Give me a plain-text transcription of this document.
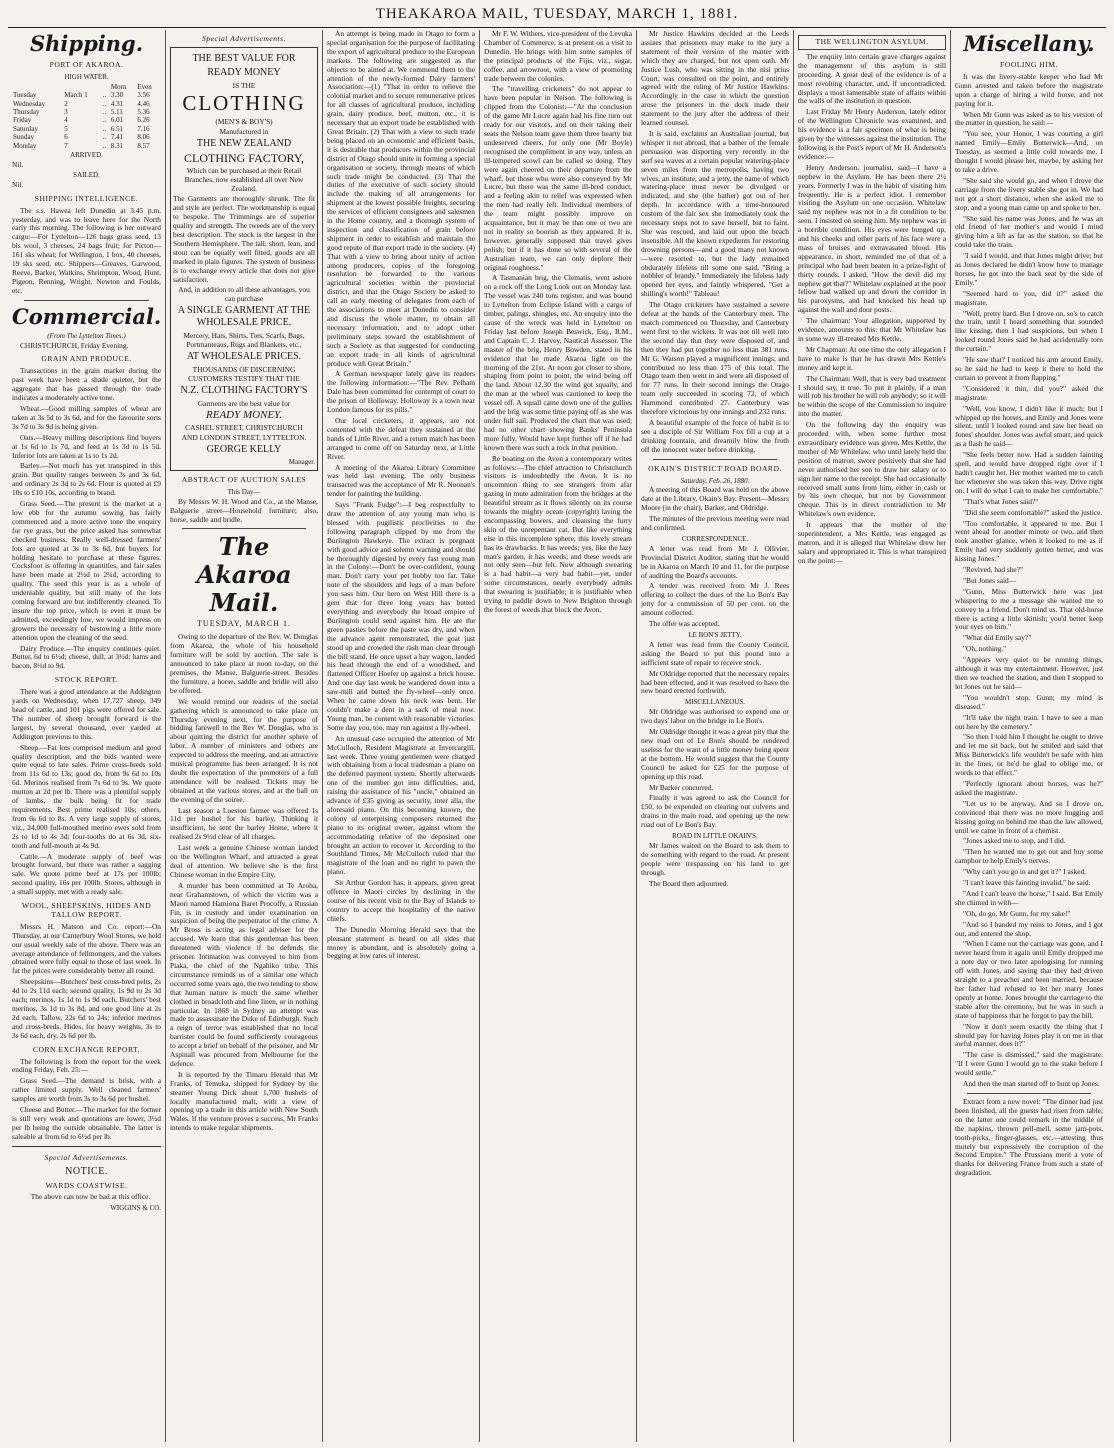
THEAKAROA MAIL, TUESDAY, MARCH 1, 1881.
Shipping.
PORT OF AKAROA.
HIGH WATER.
			Morn	Even
Tuesday	March 1	..	3.30	3.56
Wednesday	2	..	4.31	4.46
Thursday	3	..	5.11	5.36
Friday	4	..	6.01	6.26
Saturday	5	..	6.51	7.16
Sunday	6	..	7.41	8.06
Monday	7	..	8.31	8.57
ARRIVED.
Nil.
SAILED.
Nil.
SHIPPING INTELLIGENCE.

The s.s. Hawea left Dunedin at 3.45 p.m. yesterday, and was to leave here for the North early this morning. The following is her outward cargo:—For Lyttelton—126 bags grass seed, 13 bls wool, 3 cheeses, 24 bags fruit; for Picton—161 sks wheat; for Wellington, 1 box, 40 cheeses, 19 sks seed, etc. Shippers—Greaves, Garwood, Reeve, Barker, Watkins, Shrimpton, Wood, Hunt, Pigeon, Renning, Wright, Newton and Foulds, etc.

Commercial.
(From The Lyttelton Times.)

CHRISTCHURCH, Friday Evening.

GRAIN AND PRODUCE.

Transactions in the grain market during the past week have been a shade quieter, but the aggregate that has passed through the trade indicates a moderately active tone.

Wheat.—Good milling samples of wheat are taken at 3s 5d to 3s 6d, and for the favourite sorts 3s 7d to 3s 9d is being given.

Oats.—Heavy milling descriptions find buyers at 1s 6d to 1s 7d, and feed at 1s 3d to 1s 5d. Inferior lots are taken at 1s to 1s 2d.

Barley.—Not much has yet transpired in this grain. But quality ranges between 3s and 3s 6d, and ordinary 2s 3d to 2s 6d. Flour is quoted at £9 10s to £10 10s, according to brand.

Grass Seed.—The present is the market at a low ebb for the autumn sowing has fairly commenced and a more active tone the enquiry for rye grass, but the price asked has somewhat checked business. Really well-dressed farmers' lots are quoted at 3s to 3s 6d, but buyers for holding hesitate to purchase at these figures. Cocksfoot is offering in quantities, and fair sales have been made at 2½d to 2¾d, according to quality. The seed this year is as a whole of undeniable quality, but still many of the lots coming forward are but indifferently cleaned. To insure the top price, which is even it must be admitted, exceedingly low, we would impress on growers the necessity of bestowing a little more attention upon the cleaning of the seed.

Dairy Produce.—The enquiry continues quiet. Butter, 6d to 6½d; cheese, dull, at 3½d; hams and bacon, 8½d to 9d.

STOCK REPORT.

There was a good attendance at the Addington yards on Wednesday, when 17,727 sheep, 349 head of cattle, and 101 pigs were offered for sale. The number of sheep brought forward is the largest, by several thousand, ever yarded at Addington previous to this.

Sheep.—Fat lots comprised medium and good quality description, and the bids wanted were quite equal to late sales. Prime cross-breds sold from 11s 6d to 13s; good do, from 9s 6d to 10s 6d. Merinos realised from 7s 6d to 9s. We quote mutton at 2d per lb. There was a plentiful supply of lambs, the bulk being fit for trade requirements. Best prime realised 10s; others, from 6s 6d to 8s. A very large supply of stores, viz., 24,000 full-mouthed merino ewes sold from 2s to 1d to 4s 3d; four-tooths do at 6s 3d, six-tooth and full-mouth at 4s 9d.

Cattle.—A moderate supply of beef was brought forward, but there was rather a sagging sale. We quote prime beef at 17s per 100lb; second quality, 16s per 100lb. Stores, although in a small supply, met with a ready sale.

WOOL, SHEEPSKINS, HIDES AND TALLOW REPORT.

Messrs H. Matson and Co. report:—On Thursday, at our Canterbury Wool Stores, we held our usual weekly sale of the above. There was an average attendance of fellmongers, and the values obtained were fully equal to those of last week. In fat the prices were considerably better all round.

Sheepskins—Butchers' best cross-bred pelts, 2s 4d to 2s 11d each; second quality, 1s 9d to 2s 3d each; merinos, 1s 1d to 1s 9d each. Butchers' best merinos, 3s 1d to 3s 8d, and one good line at 2s 2d each. Tallow, 22s 6d to 24s; inferior merinos and cross-breds. Hides, for heavy weights, 3s to 3s 6d each, dry, 2s 6d per lb.

CORN EXCHANGE REPORT.

The following is from the report for the week ending Friday, Feb. 25:—

Grass Seed.—The demand is brisk, with a rather limited supply. Well cleaned farmers' samples are worth from 3s to 3s 6d per bushel.

Cheese and Butter.—The market for the former is still very weak and quotations are lower, 3½d per lb being the outside obtainable. The latter is saleable at from 6d to 6½d per lb.

Special Advertisements.
NOTICE.
WARDS COASTWISE.

The above can now be had at this office.

WIGGINS & CO.
Special Advertisements.
THE BEST VALUE FOR
READY MONEY
IS THE
CLOTHING
(MEN'S & BOY'S)
Manufactured in
THE NEW ZEALAND
CLOTHING FACTORY,
Which can be purchased at their Retail Branches, now established all over New Zealand.
The Garments are thoroughly shrunk. The fit and style are perfect. The workmanship is equal to bespoke. The Trimmings are of superior quality and strength. The tweeds are of the very best description. The stock is the largest in the Southern Hemisphere. The tall, short, lean, and stout can be equally well fitted, goods are all marked in plain figures. The system of business is to exchange every article that does not give satisfaction.
And, in addition to all these advantages, you can purchase
A SINGLE GARMENT AT THE WHOLESALE PRICE.
Mercery, Hats, Shirts, Ties, Scarfs, Bags, Portmanteaus, Rugs and Blankets, etc.,
AT WHOLESALE PRICES.
THOUSANDS OF DISCERNING CUSTOMERS TESTIFY THAT THE
N.Z. CLOTHING FACTORY'S
Garments are the best value for
READY MONEY.
CASHEL STREET, CHRISTCHURCH
AND LONDON STREET, LYTTELTON.
GEORGE KELLY
Manager.
ABSTRACT OF AUCTION SALES
This Day—

By Messrs W. H. Wood and Co., at the Manse, Balguerie street—Household furniture; also, horse, saddle and bridle.

The Akaroa Mail.
TUESDAY, MARCH 1.

Owing to the departure of the Rev. W. Douglas from Akaroa, the whole of his household furniture will be sold by auction. The sale is announced to take place at noon to-day, on the premises, the Manse, Balguerie-street. Besides the furniture, a horse, saddle and bridle will also be offered.

We would remind our readers of the social gathering which is announced to take place on Thursday evening next, for the purpose of bidding farewell to the Rev W. Douglas, who is about quitting the district for another sphere of labor. A number of ministers and others are expected to address the meeting, and an attractive musical programme has been arranged. It is not doubt the expectation of the promoters of a full attendance will be realised. Tickets may be obtained at the various stores, and at the hall on the evening of the soiree.

Last season a Loeston farmer was offered 1s 11d per bushel for his barley. Thinking it insufficient, he sent the barley Home, where it realised 2s 9½d clear of all charges.

Last week a genuine Chinese woman landed on the Wellington Wharf, and attracted a great deal of attention. We believe she is the first Chinese woman in the Empire City.

A murder has been committed at Te Aroha, near Grahamstown, of which the victim was a Maori named Hamiona Baret Procoffy, a Russian Fin, is in custody and under examination on suspicion of being the perpetrator of the crime. A Mr Bross is acting as legal adviser for the accused. We learn that this gentleman has been threatened with violence if he defends the prisoner. Intimation was conveyed to him from Piaka, the chief of the Ngahiko tribe. This circumstance reminds us of a similar one which occurred some years ago, the two tending to show that human nature is much the same whether clothed in broadcloth and fine linen, or in nothing particular. In 1868 in Sydney an attempt was made to assassinate the Duke of Edinburgh. Such a reign of terror was established that no local barrister could be found sufficiently courageous to accept a brief on behalf of the prisoner, and Mr Aspinall was procured from Melbourne for the defence.

It is reported by the Timaru Herald that Mr Franks, of Temuka, shipped for Sydney by the steamer Young Dick about 1,700 bushels of locally manufactured malt, with a view of opening up a trade in this article with New South Wales. If the venture proves a success, Mr Franks intends to make regular shipments.

An attempt is being made in Otago to form a special organisation for the purpose of facilitating the export of agricultural produce to the European markets. The following are suggested as the objects to be aimed at. We commend them to the attention of the newly-formed Dairy farmers' Association:—(1) "That in order to relieve the colonial market and to secure remunerative prices for all classes of agricultural produce, including grain, dairy produce, beef, mutton, etc., it is necessary that an export trade be established with Great Britain. (2) That with a view to such trade being placed on an economic and efficient basis, it is desirable that producers within the provincial district of Otago should unite in forming a special organisation or society, through means of which such trade might be conducted. (3) That the duties of the executive of such society should include the making of all arrangements for shipment at the lowest possible freights, securing the services of efficient consignees and salesmen in the Home country, and a thorough system of inspection and classification of grain before shipment in order to establish and maintain the good repute of that export trade in the society. (4) That with a view to bring about unity of action among producers, copies of the foregoing resolution be forwarded to the various agricultural societies within the provincial district, and that the Otago Society be asked to call an early meeting of delegates from each of the associations to meet at Dunedin to consider and discuss the whole matter, to obtain all necessary information, and to adopt other preliminary steps toward the establishment of such a Society as that suggested for conducting an export trade in all kinds of agricultural produce with Great Britain."

A German newspaper lately gave its readers the following information:—"The Rev. Pelham Dale has been committed for contempt of court to the prison of Holloway. Holloway is a town near London famous for its pills."

Our local cricketers, it appears, are not contented with the defeat they sustained at the hands of Little River, and a return match has been arranged to come off on Saturday next, at Little River.

A meeting of the Akaroa Library Committee was held last evening. The only business transacted was the acceptance of Mr R. Noonan's tender for painting the building.

Says "Frank Fudge":—I beg respectfully to draw the attention of any young man who is blessed with pugilistic proclivities to the following paragraph clipped by me from the Burlington Hawkeye. The extract is pregnant with good advice and solemn warning and should be thoroughly digested by every fast young man in the Colony:—Don't be over-confident, young man. Don't carry your pet hobby too far. Take note of the shoulders and legs of a man before you sass him. Our hero on West Hill there is a gent that for three long years has butted everything and everybody the broad empire of Burlington could send against him. He ate the green pasties before the paste was dry, and when the advance agent remonstrated, the goat just stood up and crowded the rash man clear through the bill stand. He once upset a hay wagon, landed his head through the end of a woodshed, and flattened Officer Hoefer up against a brick house. And one day last week he wandered down into a saw-mill and butted the fly-wheel—only once. When he came down his neck was bent. He couldn't make a dent in a sack of meal now. Young man, be content with reasonable victories. Some day you, too, may run against a fly-wheel.

An unusual case occupied the attention of Mr McCulloch, Resident Magistrate at Invercargill, last week. Three young gentlemen were charged with obtaining from a local tradesman a piano on the deferred payment system. Shortly afterwards one of the number got into difficulties, and, raising the assistance of his "uncle," obtained an advance of £35 giving as security, inter alia, the aforesaid piano. On this becoming known, the colony of enterprising composers returned the piano to its original owner, against whom the accommodating relative of the deposited one brought an action to recover it. According to the Southland Times, Mr McCulloch ruled that the magistrate of the loan and no right to pawn the piano.

Sir Arthur Gordon has, it appears, given great offence in Maori circles by declining in the course of his recent visit to the Bay of Islands to country to accept the hospitality of the native chiefs.

The Dunedin Morning Herald says that the pleasant statement is heard on all sides that money is abundant, and is absolutely going a begging at low rates of interest.

Mr F. W. Withers, vice-president of the Levuka Chamber of Commerce, is at present on a visit to Dunedin. He brings with him some samples of the principal products of the Fijis, viz., sugar, coffee, and arrowroot, with a view of promoting trade between the colonies.

The "travelling cricketers" do not appear to have been popular in Nelson. The following is clipped from the Colonist:—"At the conclusion of the game Mr Lucre again had his fine turn out ready for our visitors, and on their taking their seats the Nelson team gave them three hearty but undeserved cheers, for only one (Mr Boyle) recognised the compliment in any way, unless an ill-tempered scowl can be called so doing. They were again cheered on their departure from the wharf, but those who were also conveyed by Mr Lucre, but there was the same ill-bred conduct, and a feeling akin to relief was expressed when the men had really left. Individual members of the team might possibly improve on acquaintance, but it may be that one or two are not in reality so boorish as they appeared. It is, however, generally supposed that travel gives polish; but if it has done so with several of the Australian team, we can only deplore their original roughness."

A Tasmanian brig, the Clematis, went ashore on a rock off the Long Look out on Monday last. The vessel was 240 tons register, and was bound to Lyttelton from Eclipse Island with a cargo of timber, palings, shingles, etc. An enquiry into the cause of the wreck was held in Lyttelton on Friday last before Joseph Beswick, Esq., R.M., and Captain C. J. Harvey, Nautical Assessor. The master of the brig, Henry Bowden, stated in his evidence that he made Akaroa light on the morning of the 21st. At noon got closer to shore, shaping from point to point, the wind being off the land. About 12.30 the wind got squally, and the man at the wheel was cautioned to keep the vessel off. A squall came down one of the gullies and the brig was some time paying off as she was under full sail. Produced the chart that was used; had no other chart showing Banks' Peninsula more fully. Would have kept further off if he had known there was such a rock in that position.

Re boating on the Avon a contemporary writes as follows:—The chief attraction to Christchurch visitors is undoubtedly the Avon. It is no uncommon thing to see strangers from afar gazing in mute admiration from the bridges at the beautiful stream as it flows silently on its course towards the mighty ocean (copyright) laving the encompassing bowers, and cleansing the furry skin of the unrepentant cat. But like everything else in this incomplete sphere, this lovely stream has its drawbacks. It has weeds; yes, like the lazy man's garden, it has weeds; and these weeds are not only seen—but felt. Now although swearing is a bad habit—a very bad habit—yet, under some circumstances, nearly everybody admits that swearing is justifiable; it is justifiable when trying to paddle down to New Brighton through the forest of weeds that block the Avon.

Mr Justice Hawkins decided at the Leeds assizes that prisoners may make to the jury a statement of their version of the matter with which they are charged, but not upon oath. Mr Justice Lush, who was sitting in the nisi prius Court, was consulted on the point, and entirely agreed with the ruling of Mr Justice Hawkins. Accordingly in the case in which the question arose the prisoners in the dock made their statement to the jury after the address of their learned counsel.

It is said, exclaims an Australian journal, but whisper it not abroad, that a bather of the female persuasion was disporting very recently in the surf sea waves at a certain popular watering-place seven miles from the metropolis, having two wives, an institute, and a jetty, the name of which watering-place must never be divulged or indicated, and she (the bather) got out of her depth. In accordance with a time-honoured custom of the fair sex she immediately took the necessary steps not to save herself, but to faint. She was rescued, and laid out upon the beach insensible. All the known expedients for restoring drowning persons—and a good many not known—were resorted to, but the lady remained obdurately lifeless till some one said, "Bring a nobbler of brandy." Immediately the lifeless lady opened her eyes, and faintly whispered, "Get a shilling's worth!" Tableau!

The Otago cricketers have sustained a severe defeat at the hands of the Canterbury men. The match commenced on Thursday, and Canterbury went first to the wickets. It was not till well into the second day that they were disposed of, and then they had put together no less than 381 runs. Mr G. Watson played a magnificent innings, and contributed no less than 175 of this total. The Otago team then went in and were all disposed of for 77 runs. In their second innings the Otago team only succeeded in scoring 72, of which Hammond contributed 27. Canterbury was therefore victorious by one innings and 232 runs.

A beautiful example of the force of habit is to see a disciple of Sir William Fox fill a cup at a drinking fountain, and dreamily blow the froth off the innocent water before drinking.

OKAIN'S DISTRICT ROAD BOARD.
Saturday, Feb. 26, 1880.

A meeting of this Board was held on the above date at the Library, Okain's Bay. Present—Messrs Moore (in the chair), Barker, and Oldridge.

The minutes of the previous meeting were read and confirmed.

CORRESPONDENCE.

A letter was read from Mr J. Ollivier, Provincial District Auditor, stating that he would be in Akaroa on March 10 and 11, for the purpose of auditing the Board's accounts.

A tender was received from Mr J. Rees offering to collect the dues of the Lo Bon's Bay jetty for a commission of 50 per cent. on the amount collected.

The offer was accepted.

LE BON'S JETTY.

A letter was read from the County Council, asking the Board to put this pound into a sufficient state of repair to receive stock.

Mr Oldridge reported that the necessary repairs had been effected, and it was resolved to have the new board erected forthwith.

MISCELLANEOUS.

Mr Oldridge was authorised to expend one or two days' labor on the bridge in Le Bon's.

Mr Oldridge thought it was a great pity that the new road out of Le Bon's should be rendered useless for the want of a little money being spent at the bottom. He would suggest that the County Council be asked for £25 for the purpose of opening up this road.

Mr Barker concurred.

Finally it was agreed to ask the Council for £50, to be expended on clearing out culverts and drains in the main road, and opening up the new road out of Le Bon's Bay.

ROAD IN LITTLE OKAIN'S.

Mr James waited on the Board to ask them to do something with regard to the road. At present people were trespassing on his land to get through.

The Board then adjourned.

THE WELLINGTON ASYLUM.

The enquiry into certain grave charges against the management of this asylum is still proceeding. A great deal of the evidence is of a most revolting character, and, if uncontradicted, displays a most lamentable state of affairs within the walls of the institution in question.

Last Friday Mr Henry Anderson, lately editor of the Wellington Chronicle was examined, and his evidence is a fair specimen of what is being given by the witnesses against the institution. The following is the Post's report of Mr H. Anderson's evidence:—

Henry Anderson, journalist, said—I have a nephew in the Asylum. He has been there 2½ years. Formerly I was in the habit of visiting him frequently. He is a perfect idiot. I remember visiting the Asylum on one occasion. Whitelaw said my nephew was not in a fit condition to be seen. I insisted on seeing him. My nephew was in a horrible condition. His eyes were bunged up, and his cheeks and other parts of his face were a mass of bruises and extravasated blood. His appearance, in short, reminded me of that of a principal who had been beaten in a prize-fight of thirty rounds. I asked, "How the devil did my nephew get that?" Whitelaw explained at the poor fellow had walked up and down the corridor in his paroxysms, and had knocked his head up against the wall and door posts.

The chairman: Your allegation, supported by evidence, amounts to this: that Mr Whitelaw has in some way ill-treated Mrs Kettle.

Mr Chapman: At one time the only allegation I have to make is that he has drawn Mrs Kettle's money and kept it.

The Chairman: Well, that is very bad treatment I should say, it true. To put it plainly, if a man will rob his brother he will rob anybody; so it will be within the scope of the Commission to inquire into the matter.

On the following day the enquiry was proceeded with, when some further most extraordinary evidence was given. Mrs Kettle, the mother of Mr Whitelaw, who until lately held the position of matron, swore positively that she had never authorised her son to draw her salary or to sign her name to the receipt. She had occasionally received small sums from him, either in cash or by his own cheque, but not by Government cheque. This is in direct contradiction to Mr Whitelaw's own evidence.

It appears that the mother of the superintendent, a Mrs Kettle, was engaged as matron, and it is alleged that Whitelaw drew her salary and appropriated it. This is what transpired on the point:—

Miscellany.
FOOLING HIM.

It was the livery-stable keeper who had Mr Gunn arrested and taken before the magistrate upon a charge of hiring a wild horse, and not paying for it.

When Mr Gunn was asked as to his version of the matter in question, he said:—

"You see, your Honor, I was courting a girl named Emily—Emily Butterwick—And, on Tuesday, as seemed a little cold towards me, I thought I would please her, maybe, by asking her to take a drive.

"She said she would go, and when I drove the carriage from the livery stable she got in. We had not got a short distance, when she asked me to stop, and a young man came up and spoke to her.

"She said his name was Jones, and he was an old friend of her mother's and would I mind giving him a lift as far as the station, so that he could take the train.

"I said I would, and that Jones might drive; but as Jones declared he didn't know how to manage horses, he got into the back seat by the side of Emily."

"Seemed hard to you, did it?" asked the magistrate.

"Well, pretty hard. But I drove on, so's to catch the train, until I heard something that sounded like kissing, then I had suspicions, but when I looked round Jones said he had accidentally torn the curtain."

"He saw that? I noticed his arm around Emily, so he said he had to keep it there to hold the curtain to prevent it from flapping."

"Considered it thin, did you?" asked the magistrate.

"Well, you know, I didn't like it much; but I whipped up the horses, and Emily and Jones were silent, until I looked round and saw her head on Jones' shoulder. Jones was awful smart, and quick as a flash he said—

"She feels better now. Had a sudden fainting spell, and would have dropped right over if I hadn't caught her. Her mother wanted me to catch her whenever she was taken this way. Drive right on. I will do what I can to make her comfortable."

"That's what Jones said?"

"Did she seem comfortable?" asked the justice.

"Too comfortable, it appeared to me. But I went ahead for another minute or two, and then took another glance, when it looked to me as if Emily had very suddenly gotten better, and was kissing Jones."

"Revived, had she?"

"But Jones said—

"Gunn, Miss Butterwick here was just whispering to me a message she wanted me to convey to a friend. Don't mind us. That old-horse there is acting a little skittish; you'd better keep your eyes on him."

"What did Emily say?"

"Oh, nothing."

"Appears very quiet to be running things, although it was my entertainment. However, just then we reached the station, and then I stopped to let Jones out he said—

"You wouldn't stop, Gunn; my mind is diseased."

"It'll take the night train. I have to see a man out here by the cemetery."

"So then I told him I thought he ought to drive and let me sit back, but he smiled and said that Miss Butterwick's life wouldn't be safe with him in the lines, or he'd be glad to oblige me, or words to that effect."

"Perfectly ignorant about horses, was he?" asked the magistrate.

"Let us to be anyway. And so I drove on, convinced that there was no more hugging and kissing going on behind me than the law allowed, until we came in front of a chemist.

"Jones asked me to stop, and I did.

"Then he wanted me to get out and buy some camphor to help Emily's nerves.

"Why can't you go in and get it?" I asked.

"I can't leave this fainting invalid," he said.

"And I can't leave the horse," I said. But Emily she chimed in with—

"Oh, do go, Mr Gunn, for my sake!"

"And so I handed my reins to Jones, and I got out, and entered the shop.

"When I came out the carriage was gone, and I never heard from it again until Emily dropped me a note day or two later apologising for running off with Jones, and saying that they had driven straight to a preacher and been married, because her father had refused to let her marry Jones openly at home. Jones brought the carriage to the stable after the ceremony, but he was in such a state of happiness that he forgot to pay the bill.

"Now it don't seem exactly the thing that I should pay for having Jones play it on me in that awful manner, does it?"

"The case is dismissed," said the magistrate. "If I were Gunn I would go to the stake before I would settle."

And then the man started off to hunt up Jones.

Extract from a new novel: "The dinner had just been finished, all the guests had risen from table; on the latter one could remark in the middle of the napkins, thrown pell-mell, some jam-pots, tooth-picks, finger-glasses, etc.—attesting thus mutely but expressively the corruption of the Second Empire." The Prussians merit a vote of thanks for delivering France from such a state of degradation.
